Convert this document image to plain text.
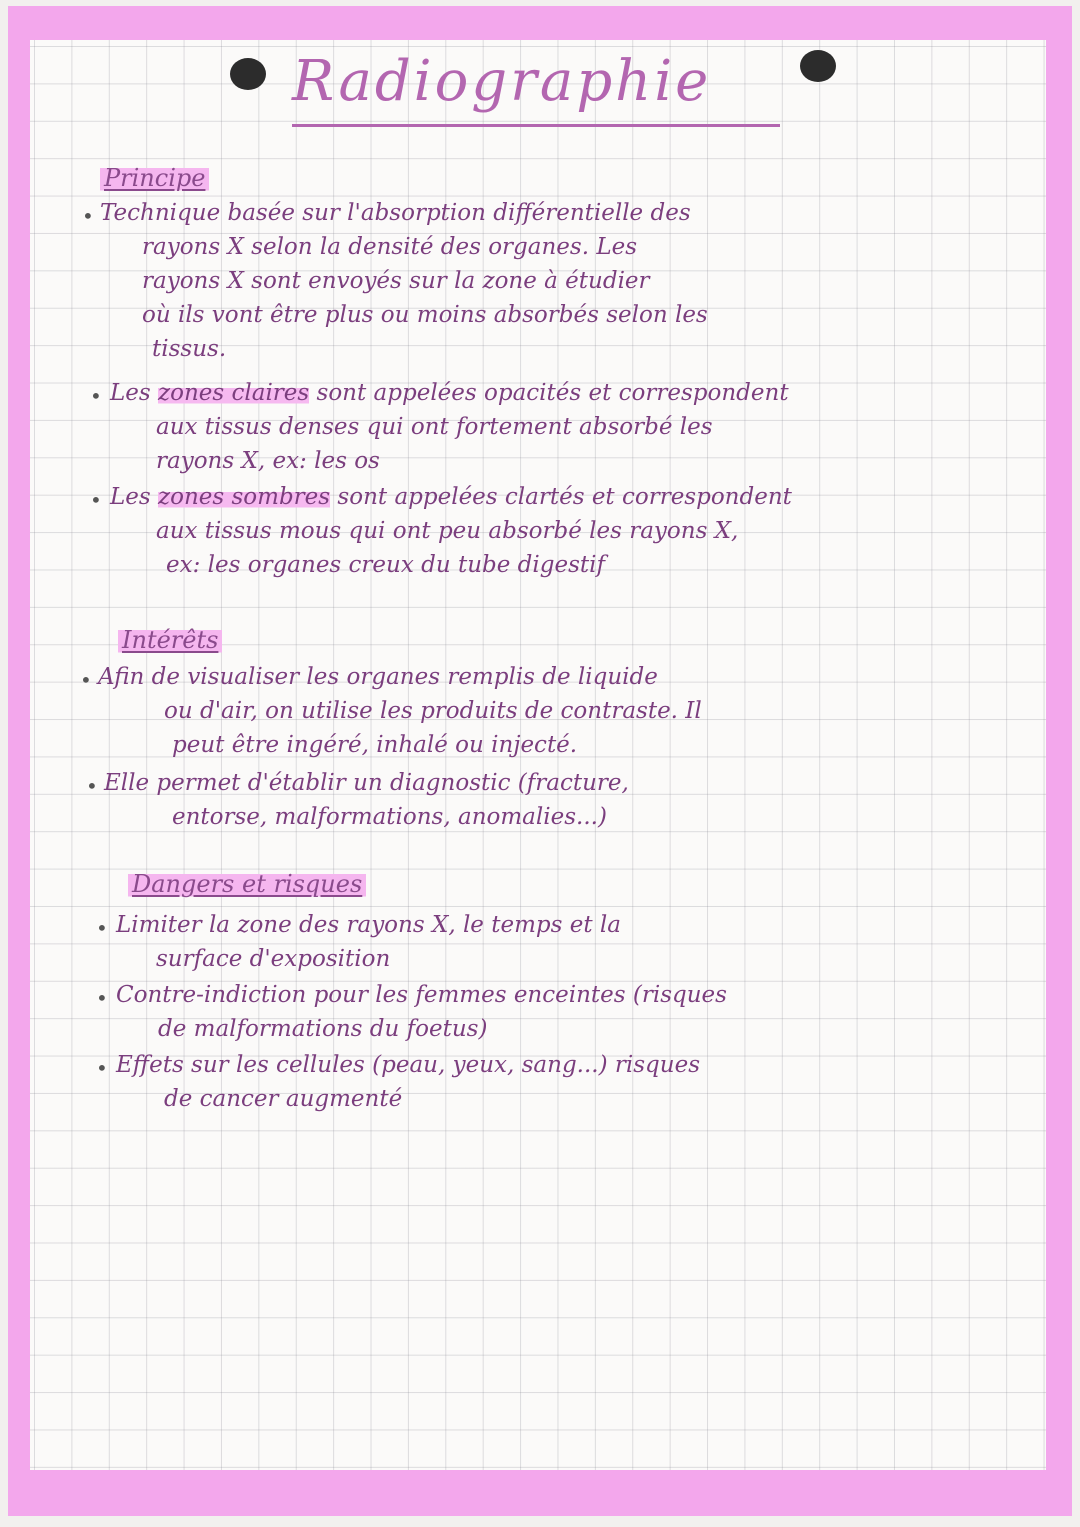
Radiographie
Principe
• Technique basée sur l'absorption différentielle des
rayons X selon la densité des organes. Les
rayons X sont envoyés sur la zone à étudier
où ils vont être plus ou moins absorbés selon les
tissus.
• Les zones claires sont appelées opacités et correspondent
aux tissus denses qui ont fortement absorbé les
rayons X, ex: les os
• Les zones sombres sont appelées clartés et correspondent
aux tissus mous qui ont peu absorbé les rayons X,
ex: les organes creux du tube digestif
Intérêts
• Afin de visualiser les organes remplis de liquide
ou d'air, on utilise les produits de contraste. Il
peut être ingéré, inhalé ou injecté.
• Elle permet d'établir un diagnostic (fracture,
entorse, malformations, anomalies...)
Dangers et risques
• Limiter la zone des rayons X, le temps et la
surface d'exposition
• Contre-indiction pour les femmes enceintes (risques
de malformations du foetus)
• Effets sur les cellules (peau, yeux, sang...) risques
de cancer augmenté
